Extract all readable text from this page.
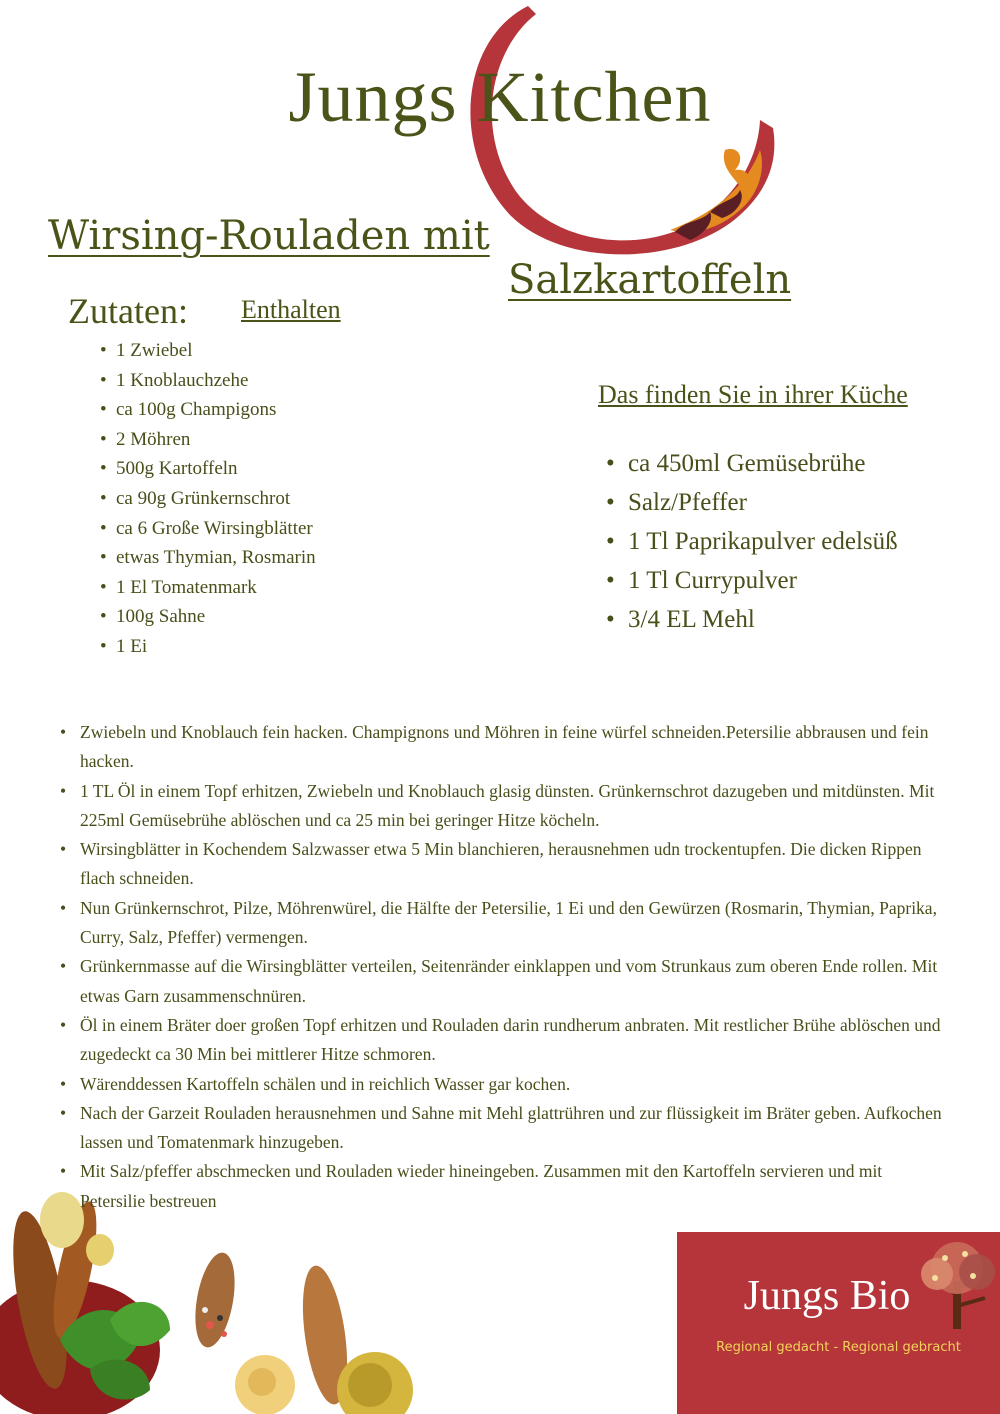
Jungs Kitchen
Wirsing-Rouladen mit
Salzkartoffeln
Zutaten: Enthalten
• 1 Zwiebel
• 1 Knoblauchzehe
• ca 100g Champigons
• 2 Möhren
• 500g Kartoffeln
• ca 90g Grünkernschrot
• ca 6 Große Wirsingblätter
• etwas Thymian, Rosmarin
• 1 El Tomatenmark
• 100g Sahne
• 1 Ei
Das finden Sie in ihrer Küche
• ca 450ml Gemüsebrühe
• Salz/Pfeffer
• 1 Tl Paprikapulver edelsüß
• 1 Tl Currypulver
• 3/4 EL Mehl
• Zwiebeln und Knoblauch fein hacken. Champignons und Möhren in feine würfel schneiden.Petersilie abbrausen und fein hacken.
• 1 TL Öl in einem Topf erhitzen, Zwiebeln und Knoblauch glasig dünsten. Grünkernschrot dazugeben und mitdünsten. Mit 225ml Gemüsebrühe ablöschen und ca 25 min bei geringer Hitze köcheln.
• Wirsingblätter in Kochendem Salzwasser etwa 5 Min blanchieren, herausnehmen udn trockentupfen. Die dicken Rippen flach schneiden.
• Nun Grünkernschrot, Pilze, Möhrenwürel, die Hälfte der Petersilie, 1 Ei und den Gewürzen (Rosmarin, Thymian, Paprika, Curry, Salz, Pfeffer) vermengen.
• Grünkernmasse auf die Wirsingblätter verteilen, Seitenränder einklappen und vom Strunkaus zum oberen Ende rollen. Mit etwas Garn zusammenschnüren.
• Öl in einem Bräter doer großen Topf erhitzen und Rouladen darin rundherum anbraten. Mit restlicher Brühe ablöschen und zugedeckt ca 30 Min bei mittlerer Hitze schmoren.
• Wärenddessen Kartoffeln schälen und in reichlich Wasser gar kochen.
• Nach der Garzeit Rouladen herausnehmen und Sahne mit Mehl glattrühren und zur flüssigkeit im Bräter geben. Aufkochen lassen und Tomatenmark hinzugeben.
• Mit Salz/pfeffer abschmecken und Rouladen wieder hineingeben. Zusammen mit den Kartoffeln servieren und mit Petersilie bestreuen
Jungs Bio
Regional gedacht - Regional gebracht
